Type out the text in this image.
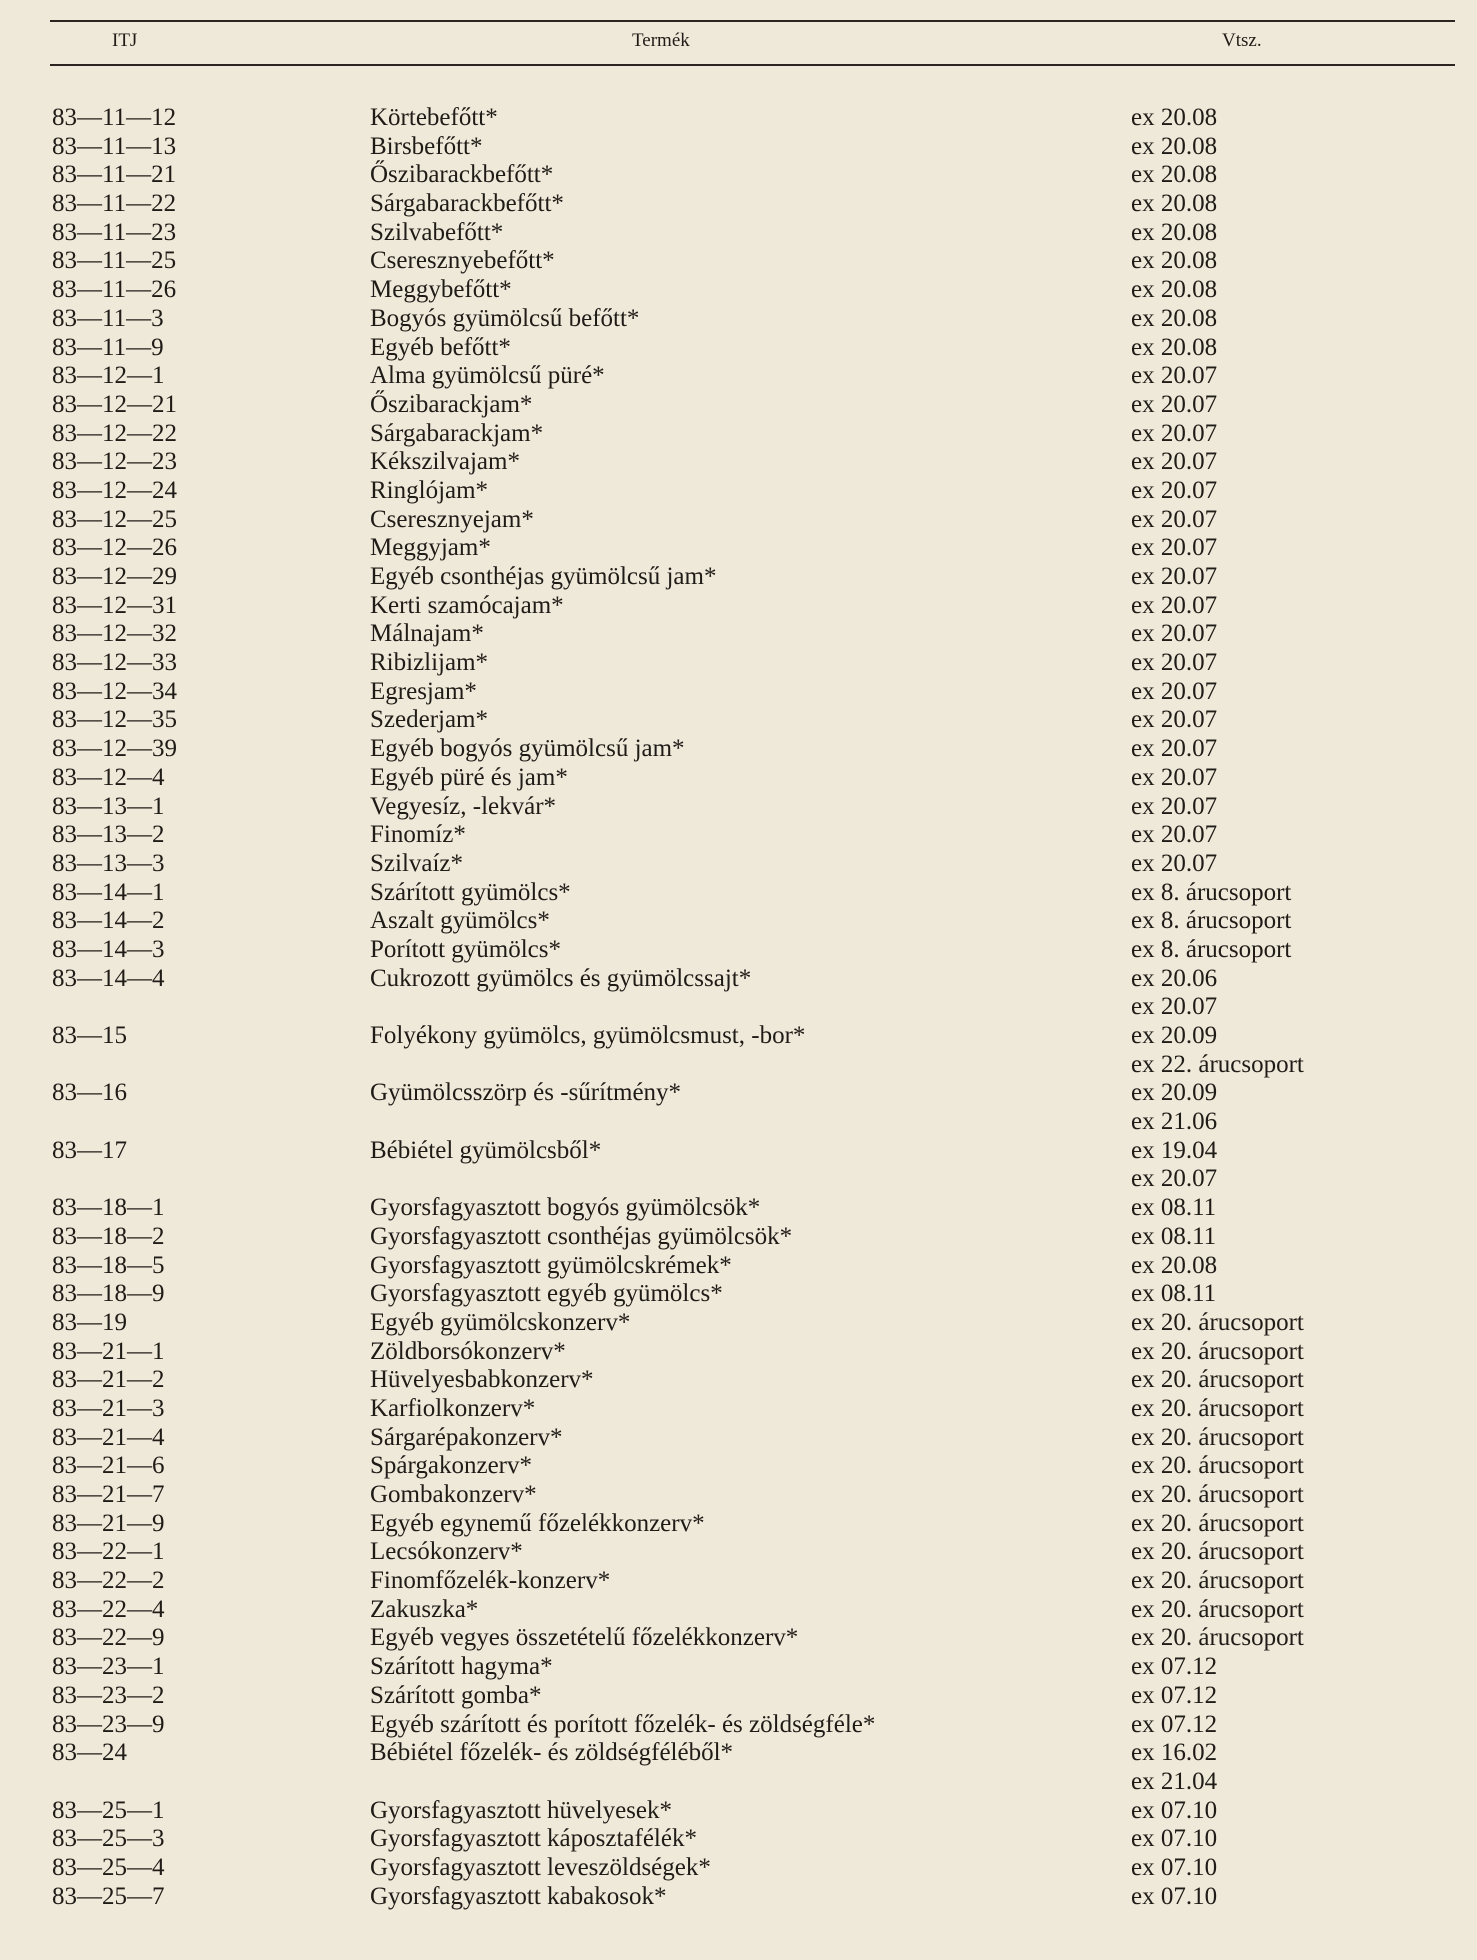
ITJ	Termék	Vtsz.
83—11—12	Körtebefőtt*	ex 20.08
83—11—13	Birsbefőtt*	ex 20.08
83—11—21	Őszibarackbefőtt*	ex 20.08
83—11—22	Sárgabarackbefőtt*	ex 20.08
83—11—23	Szilvabefőtt*	ex 20.08
83—11—25	Cseresznyebefőtt*	ex 20.08
83—11—26	Meggybefőtt*	ex 20.08
83—11—3	Bogyós gyümölcsű befőtt*	ex 20.08
83—11—9	Egyéb befőtt*	ex 20.08
83—12—1	Alma gyümölcsű püré*	ex 20.07
83—12—21	Őszibarackjam*	ex 20.07
83—12—22	Sárgabarackjam*	ex 20.07
83—12—23	Kékszilvajam*	ex 20.07
83—12—24	Ringlójam*	ex 20.07
83—12—25	Cseresznyejam*	ex 20.07
83—12—26	Meggyjam*	ex 20.07
83—12—29	Egyéb csonthéjas gyümölcsű jam*	ex 20.07
83—12—31	Kerti szamócajam*	ex 20.07
83—12—32	Málnajam*	ex 20.07
83—12—33	Ribizlijam*	ex 20.07
83—12—34	Egresjam*	ex 20.07
83—12—35	Szederjam*	ex 20.07
83—12—39	Egyéb bogyós gyümölcsű jam*	ex 20.07
83—12—4	Egyéb püré és jam*	ex 20.07
83—13—1	Vegyesíz, -lekvár*	ex 20.07
83—13—2	Finomíz*	ex 20.07
83—13—3	Szilvaíz*	ex 20.07
83—14—1	Szárított gyümölcs*	ex 8. árucsoport
83—14—2	Aszalt gyümölcs*	ex 8. árucsoport
83—14—3	Porított gyümölcs*	ex 8. árucsoport
83—14—4	Cukrozott gyümölcs és gyümölcssajt*	ex 20.06
ex 20.07
83—15	Folyékony gyümölcs, gyümölcsmust, -bor*	ex 20.09
ex 22. árucsoport
83—16	Gyümölcsszörp és -sűrítmény*	ex 20.09
ex 21.06
83—17	Bébiétel gyümölcsből*	ex 19.04
ex 20.07
83—18—1	Gyorsfagyasztott bogyós gyümölcsök*	ex 08.11
83—18—2	Gyorsfagyasztott csonthéjas gyümölcsök*	ex 08.11
83—18—5	Gyorsfagyasztott gyümölcskrémek*	ex 20.08
83—18—9	Gyorsfagyasztott egyéb gyümölcs*	ex 08.11
83—19	Egyéb gyümölcskonzerv*	ex 20. árucsoport
83—21—1	Zöldborsókonzerv*	ex 20. árucsoport
83—21—2	Hüvelyesbabkonzerv*	ex 20. árucsoport
83—21—3	Karfiolkonzerv*	ex 20. árucsoport
83—21—4	Sárgarépakonzerv*	ex 20. árucsoport
83—21—6	Spárgakonzerv*	ex 20. árucsoport
83—21—7	Gombakonzerv*	ex 20. árucsoport
83—21—9	Egyéb egynemű főzelékkonzerv*	ex 20. árucsoport
83—22—1	Lecsókonzerv*	ex 20. árucsoport
83—22—2	Finomfőzelék-konzerv*	ex 20. árucsoport
83—22—4	Zakuszka*	ex 20. árucsoport
83—22—9	Egyéb vegyes összetételű főzelékkonzerv*	ex 20. árucsoport
83—23—1	Szárított hagyma*	ex 07.12
83—23—2	Szárított gomba*	ex 07.12
83—23—9	Egyéb szárított és porított főzelék- és zöldségféle*	ex 07.12
83—24	Bébiétel főzelék- és zöldségféléből*	ex 16.02
ex 21.04
83—25—1	Gyorsfagyasztott hüvelyesek*	ex 07.10
83—25—3	Gyorsfagyasztott káposztafélék*	ex 07.10
83—25—4	Gyorsfagyasztott leveszöldségek*	ex 07.10
83—25—7	Gyorsfagyasztott kabakosok*	ex 07.10
